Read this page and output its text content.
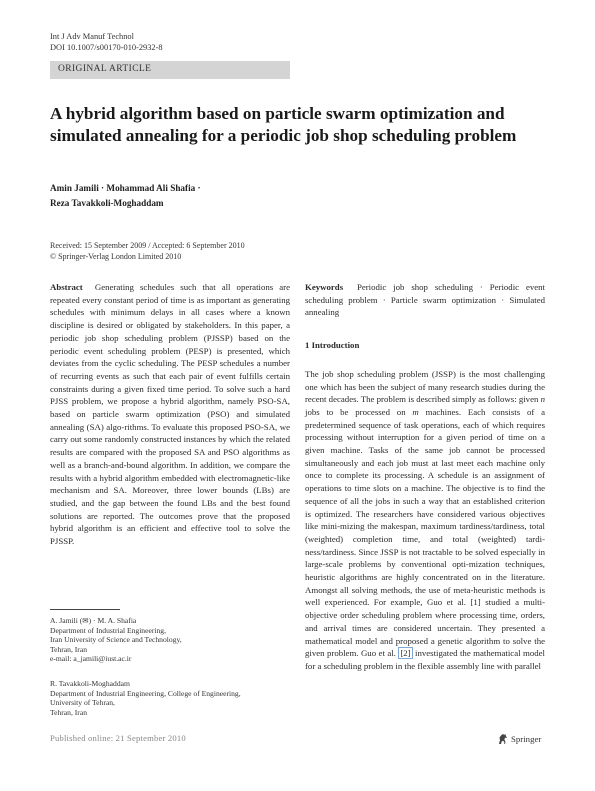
Int J Adv Manuf Technol
DOI 10.1007/s00170-010-2932-8
ORIGINAL ARTICLE
A hybrid algorithm based on particle swarm optimization and simulated annealing for a periodic job shop scheduling problem
Amin Jamili · Mohammad Ali Shafia ·
Reza Tavakkoli-Moghaddam
Received: 15 September 2009 / Accepted: 6 September 2010
© Springer-Verlag London Limited 2010

Abstract Generating schedules such that all operations are repeated every constant period of time is as important as generating schedules with minimum delays in all cases where a known discipline is desired or obligated by stakeholders. In this paper, a periodic job shop scheduling problem (PJSSP) based on the periodic event scheduling problem (PESP) is presented, which deviates from the cyclic scheduling. The PESP schedules a number of recurring events as such that each pair of event fulfills certain constraints during a given fixed time period. To solve such a hard PJSS problem, we propose a hybrid algorithm, namely PSO-SA, based on particle swarm optimization (PSO) and simulated annealing (SA) algo-rithms. To evaluate this proposed PSO-SA, we carry out some randomly constructed instances by which the related results are compared with the proposed SA and PSO algorithms as well as a branch-and-bound algorithm. In addition, we compare the results with a hybrid algorithm embedded with electromagnetic-like mechanism and SA. Moreover, three lower bounds (LBs) are studied, and the gap between the found LBs and the best found solutions are reported. The outcomes prove that the proposed hybrid algorithm is an efficient and effective tool to solve the PJSSP.

Keywords Periodic job shop scheduling · Periodic event scheduling problem · Particle swarm optimization · Simulated annealing

1 Introduction

The job shop scheduling problem (JSSP) is the most challenging one which has been the subject of many research studies during the recent decades. The problem is described simply as follows: given n jobs to be processed on m machines. Each consists of a predetermined sequence of task operations, each of which requires processing without interruption for a given period of time on a given machine. Tasks of the same job cannot be processed simultaneously and each job must at last meet each machine only once to complete its processing. A schedule is an assignment of operations to time slots on a machine. The objective is to find the sequence of all the jobs in such a way that an established criterion is optimized. The researchers have considered various objectives like mini-mizing the makespan, maximum tardiness/tardiness, total (weighted) completion time, and total (weighted) tardi-ness/tardiness. Since JSSP is not tractable to be solved especially in large-scale problems by conventional opti-mization techniques, heuristic algorithms are highly concentrated on in the literature. Amongst all solving methods, the use of meta-heuristic methods is well experienced. For example, Guo et al. [1] studied a multi-objective order scheduling problem where processing time, orders, and arrival times are considered uncertain. They presented a mathematical model and proposed a genetic algorithm to solve the given problem. Guo et al. [2] investigated the mathematical model for a scheduling problem in the flexible assembly line with parallel

A. Jamili (✉) · M. A. Shafia

Department of Industrial Engineering,

Iran University of Science and Technology,

Tehran, Iran

e-mail: a_jamili@iust.ac.ir

R. Tavakkoli-Moghaddam

Department of Industrial Engineering, College of Engineering,

University of Tehran,

Tehran, Iran

Published online: 21 September 2010	Springer
